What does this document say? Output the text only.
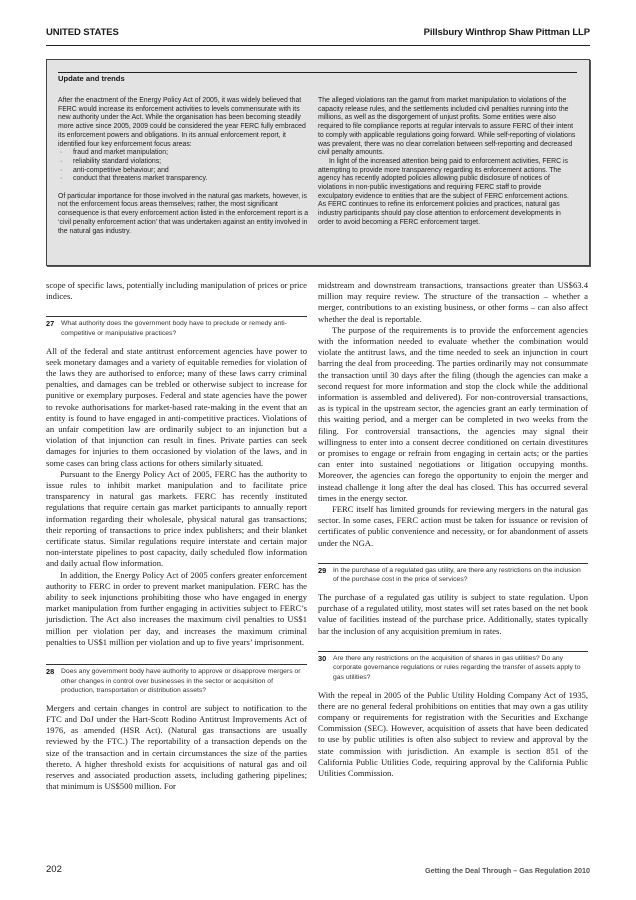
UNITED STATES	Pillsbury Winthrop Shaw Pittman LLP
Update and trends

After the enactment of the Energy Policy Act of 2005, it was widely believed that FERC would increase its enforcement activities to levels commensurate with its new authority under the Act. While the organisation has been becoming steadily more active since 2005, 2009 could be considered the year FERC fully embraced its enforcement powers and obligations. In its annual enforcement report, it identified four key enforcement focus areas:

· fraud and market manipulation;
· reliability standard violations;
· anti-competitive behaviour; and
· conduct that threatens market transparency.

Of particular importance for those involved in the natural gas markets, however, is not the enforcement focus areas themselves; rather, the most significant consequence is that every enforcement action listed in the enforcement report is a ‘civil penalty enforcement action’ that was undertaken against an entity involved in the natural gas industry.

The alleged violations ran the gamut from market manipulation to violations of the capacity release rules, and the settlements included civil penalties running into the millions, as well as the disgorgement of unjust profits. Some entities were also required to file compliance reports at regular intervals to assure FERC of their intent to comply with applicable regulations going forward. While self-reporting of violations was prevalent, there was no clear correlation between self-reporting and decreased civil penalty amounts.

In light of the increased attention being paid to enforcement activities, FERC is attempting to provide more transparency regarding its enforcement actions. The agency has recently adopted policies allowing public disclosure of notices of violations in non-public investigations and requiring FERC staff to provide exculpatory evidence to entities that are the subject of FERC enforcement actions. As FERC continues to refine its enforcement policies and practices, natural gas industry participants should pay close attention to enforcement developments in order to avoid becoming a FERC enforcement target.

scope of specific laws, potentially including manipulation of prices or price indices.

27 What authority does the government body have to preclude or remedy anti-competitive or manipulative practices?

All of the federal and state antitrust enforcement agencies have power to seek monetary damages and a variety of equitable remedies for violation of the laws they are authorised to enforce; many of these laws carry criminal penalties, and damages can be trebled or otherwise subject to increase for punitive or exemplary purposes. Federal and state agencies have the power to revoke authorisations for market-based rate-making in the event that an entity is found to have engaged in anti-competitive practices. Violations of an unfair competition law are ordinarily subject to an injunction but a violation of that injunction can result in fines. Private parties can seek damages for injuries to them occasioned by violation of the laws, and in some cases can bring class actions for others similarly situated.

Pursuant to the Energy Policy Act of 2005, FERC has the authority to issue rules to inhibit market manipulation and to facilitate price transparency in natural gas markets. FERC has recently instituted regulations that require certain gas market participants to annually report information regarding their wholesale, physical natural gas transactions; their reporting of transactions to price index publishers; and their blanket certificate status. Similar regulations require interstate and certain major non-interstate pipelines to post capacity, daily scheduled flow information and daily actual flow information.

In addition, the Energy Policy Act of 2005 confers greater enforcement authority to FERC in order to prevent market manipulation. FERC has the ability to seek injunctions prohibiting those who have engaged in energy market manipulation from further engaging in activities subject to FERC’s jurisdiction. The Act also increases the maximum civil penalties to US$1 million per violation per day, and increases the maximum criminal penalties to US$1 million per violation and up to five years’ imprisonment.

28 Does any government body have authority to approve or disapprove mergers or other changes in control over businesses in the sector or acquisition of production, transportation or distribution assets?

Mergers and certain changes in control are subject to notification to the FTC and DoJ under the Hart-Scott Rodino Antitrust Improvements Act of 1976, as amended (HSR Act). (Natural gas transactions are usually reviewed by the FTC.) The reportability of a transaction depends on the size of the transaction and in certain circumstances the size of the parties thereto. A higher threshold exists for acquisitions of natural gas and oil reserves and associated production assets, including gathering pipelines; that minimum is US$500 million. For

midstream and downstream transactions, transactions greater than US$63.4 million may require review. The structure of the transaction – whether a merger, contributions to an existing business, or other forms – can also affect whether the deal is reportable.

The purpose of the requirements is to provide the enforcement agencies with the information needed to evaluate whether the combination would violate the antitrust laws, and the time needed to seek an injunction in court barring the deal from proceeding. The parties ordinarily may not consummate the transaction until 30 days after the filing (though the agencies can make a second request for more information and stop the clock while the additional information is assembled and delivered). For non-controversial transactions, as is typical in the upstream sector, the agencies grant an early termination of this waiting period, and a merger can be completed in two weeks from the filing. For controversial transactions, the agencies may signal their willingness to enter into a consent decree conditioned on certain divestitures or promises to engage or refrain from engaging in certain acts; or the parties can enter into sustained negotiations or litigation occupying months. Moreover, the agencies can forego the opportunity to enjoin the merger and instead challenge it long after the deal has closed. This has occurred several times in the energy sector.

FERC itself has limited grounds for reviewing mergers in the natural gas sector. In some cases, FERC action must be taken for issuance or revision of certificates of public convenience and necessity, or for abandonment of assets under the NGA.

29 In the purchase of a regulated gas utility, are there any restrictions on the inclusion of the purchase cost in the price of services?

The purchase of a regulated gas utility is subject to state regulation. Upon purchase of a regulated utility, most states will set rates based on the net book value of facilities instead of the purchase price. Additionally, states typically bar the inclusion of any acquisition premium in rates.

30 Are there any restrictions on the acquisition of shares in gas utilities? Do any corporate governance regulations or rules regarding the transfer of assets apply to gas utilities?

With the repeal in 2005 of the Public Utility Holding Company Act of 1935, there are no general federal prohibitions on entities that may own a gas utility company or requirements for registration with the Securities and Exchange Commission (SEC). However, acquisition of assets that have been dedicated to use by public utilities is often also subject to review and approval by the state commission with jurisdiction. An example is section 851 of the California Public Utilities Code, requiring approval by the California Public Utilities Commission.

202	Getting the Deal Through – Gas Regulation 2010
